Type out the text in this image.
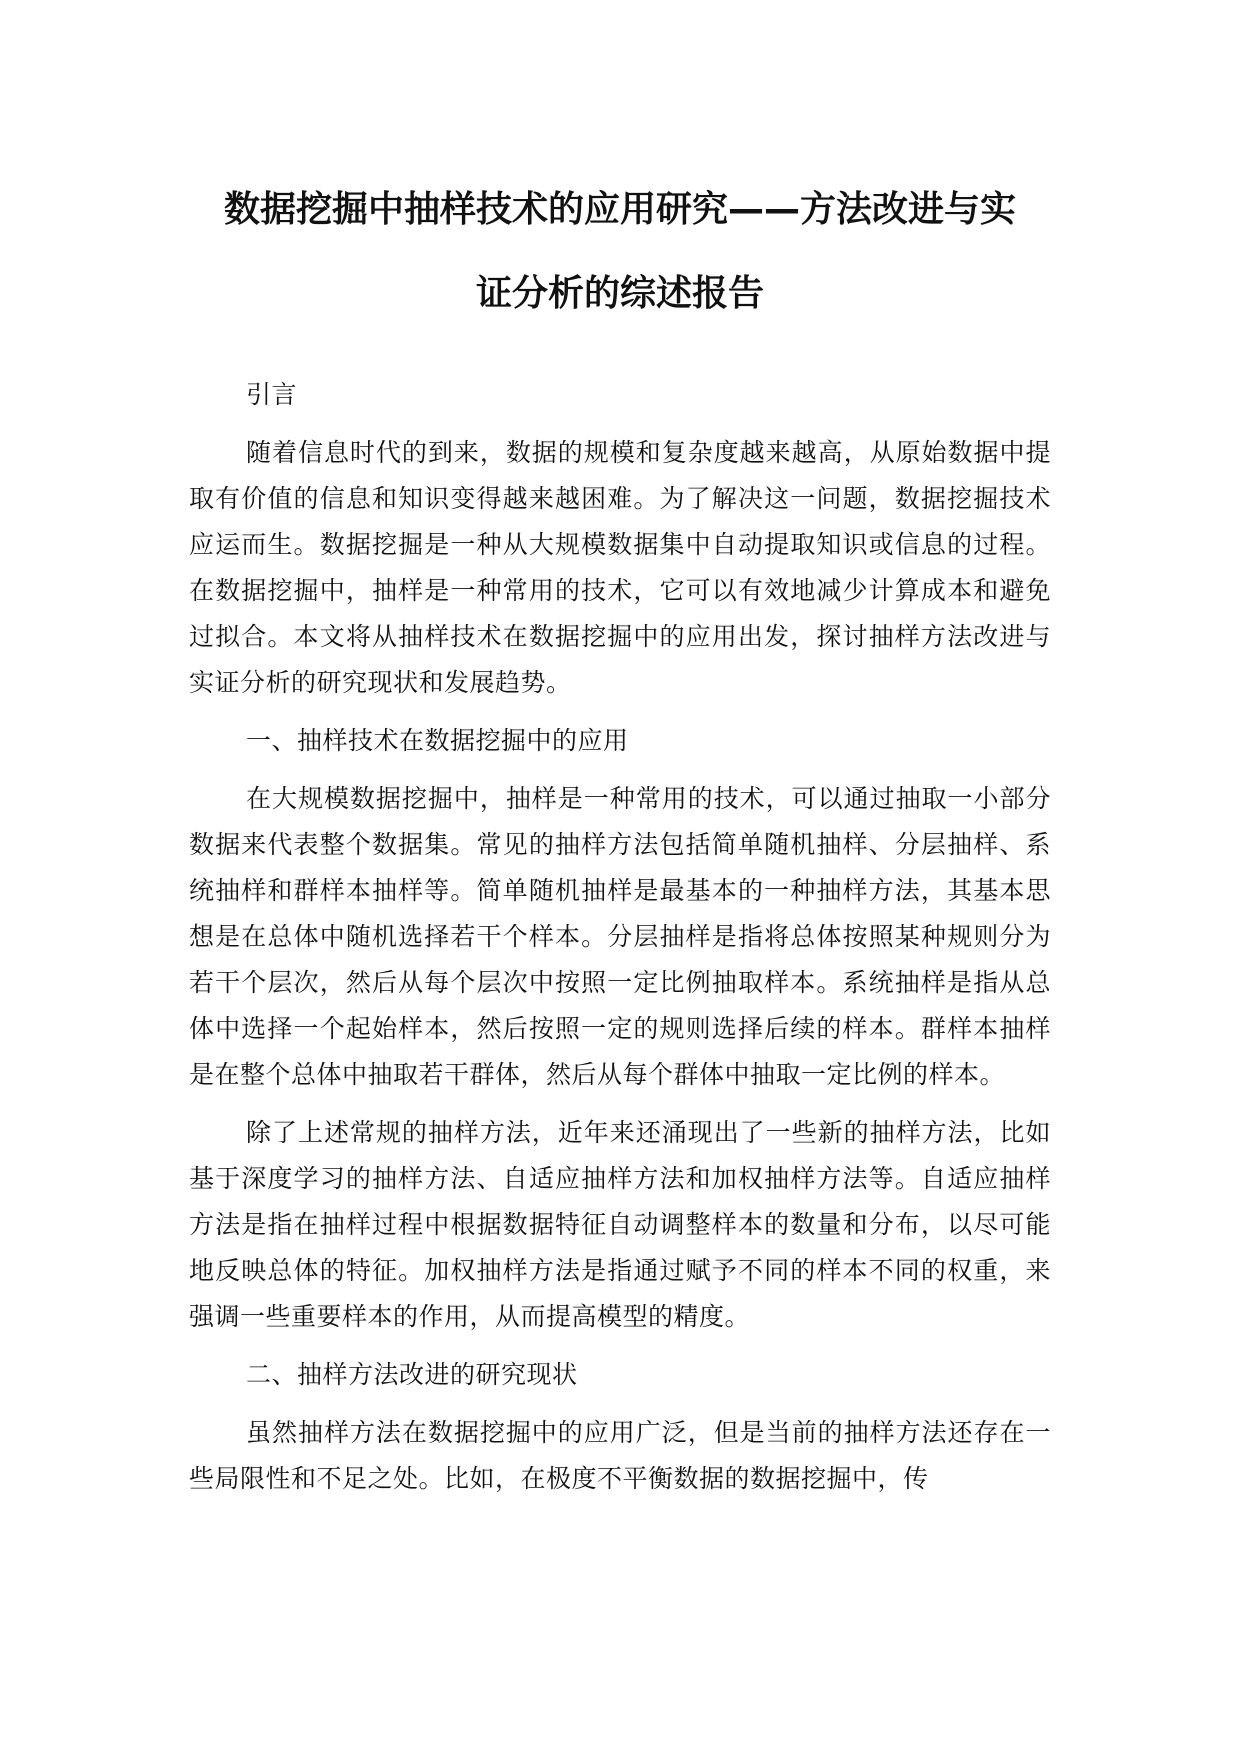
数据挖掘中抽样技术的应用研究——方法改进与实
证分析的综述报告

引言

随着信息时代的到来，数据的规模和复杂度越来越高，从原始数据中提取有价值的信息和知识变得越来越困难。为了解决这一问题，数据挖掘技术应运而生。数据挖掘是一种从大规模数据集中自动提取知识或信息的过程。在数据挖掘中，抽样是一种常用的技术，它可以有效地减少计算成本和避免过拟合。本文将从抽样技术在数据挖掘中的应用出发，探讨抽样方法改进与实证分析的研究现状和发展趋势。

一、抽样技术在数据挖掘中的应用

在大规模数据挖掘中，抽样是一种常用的技术，可以通过抽取一小部分数据来代表整个数据集。常见的抽样方法包括简单随机抽样、分层抽样、系统抽样和群样本抽样等。简单随机抽样是最基本的一种抽样方法，其基本思想是在总体中随机选择若干个样本。分层抽样是指将总体按照某种规则分为若干个层次，然后从每个层次中按照一定比例抽取样本。系统抽样是指从总体中选择一个起始样本，然后按照一定的规则选择后续的样本。群样本抽样是在整个总体中抽取若干群体，然后从每个群体中抽取一定比例的样本。

除了上述常规的抽样方法，近年来还涌现出了一些新的抽样方法，比如基于深度学习的抽样方法、自适应抽样方法和加权抽样方法等。自适应抽样方法是指在抽样过程中根据数据特征自动调整样本的数量和分布，以尽可能地反映总体的特征。加权抽样方法是指通过赋予不同的样本不同的权重，来强调一些重要样本的作用，从而提高模型的精度。

二、抽样方法改进的研究现状

虽然抽样方法在数据挖掘中的应用广泛，但是当前的抽样方法还存在一些局限性和不足之处。比如，在极度不平衡数据的数据挖掘中，传
